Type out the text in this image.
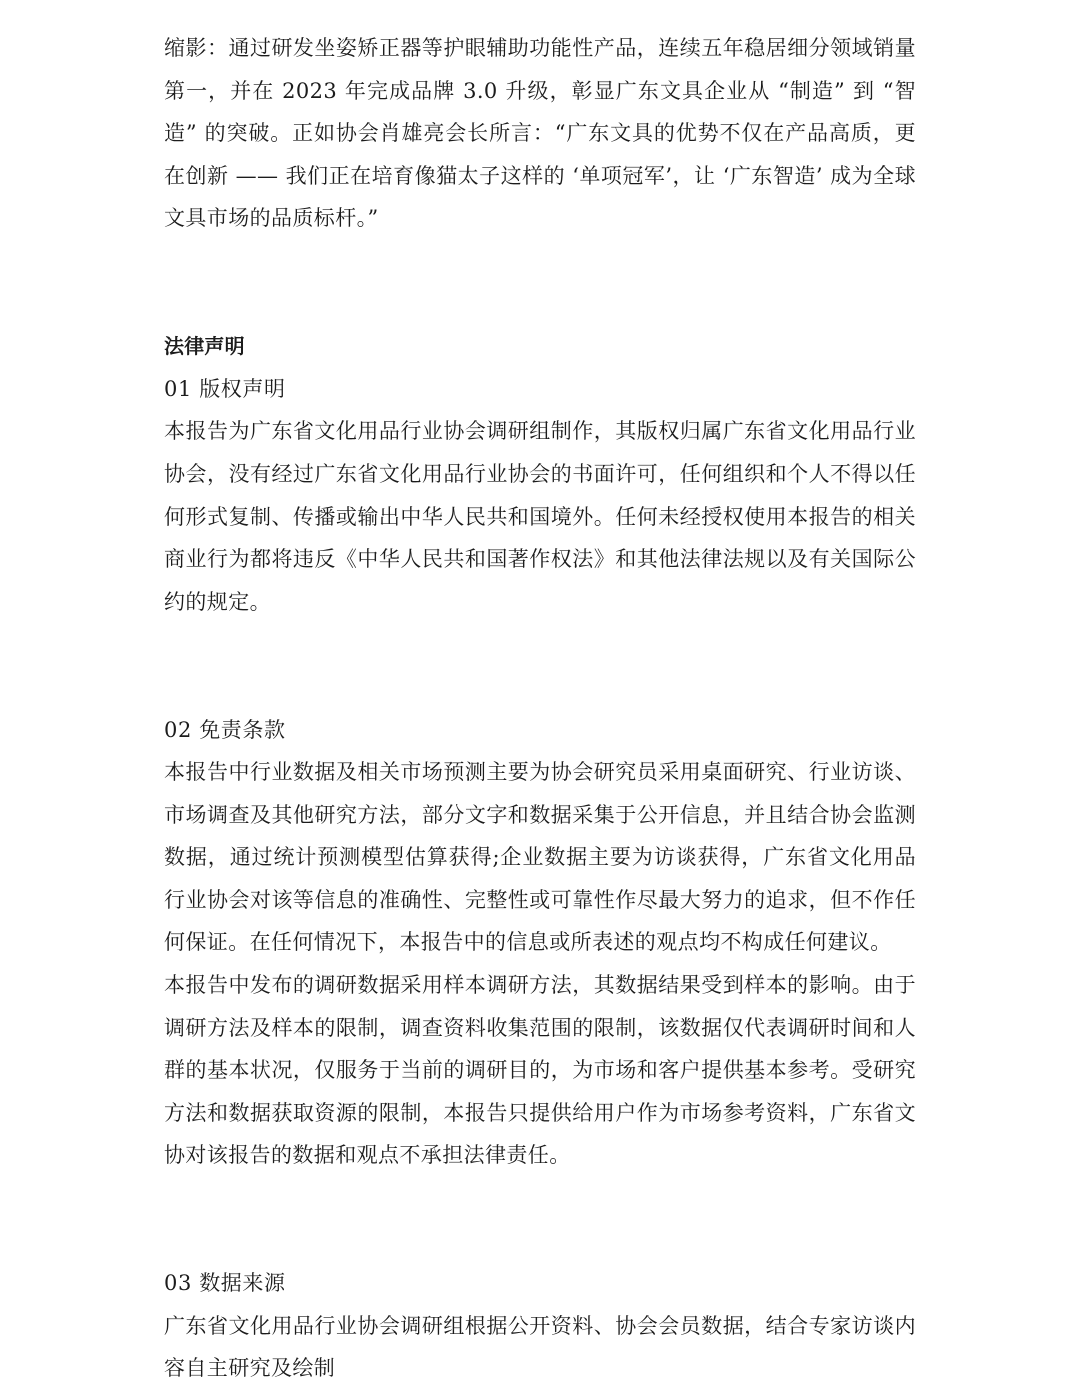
缩影：通过研发坐姿矫正器等护眼辅助功能性产品，连续五年稳居细分领域销量第一，并在 2023 年完成品牌 3.0 升级，彰显广东文具企业从 “制造” 到 “智造” 的突破。正如协会肖雄亮会长所言：“广东文具的优势不仅在产品高质，更在创新 —— 我们正在培育像猫太子这样的 ‘单项冠军’，让 ‘广东智造’ 成为全球文具市场的品质标杆。”

法律声明

01 版权声明

本报告为广东省文化用品行业协会调研组制作，其版权归属广东省文化用品行业协会，没有经过广东省文化用品行业协会的书面许可，任何组织和个人不得以任何形式复制、传播或输出中华人民共和国境外。任何未经授权使用本报告的相关商业行为都将违反《中华人民共和国著作权法》和其他法律法规以及有关国际公约的规定。

02 免责条款

本报告中行业数据及相关市场预测主要为协会研究员采用桌面研究、行业访谈、市场调查及其他研究方法，部分文字和数据采集于公开信息，并且结合协会监测数据，通过统计预测模型估算获得;企业数据主要为访谈获得，广东省文化用品行业协会对该等信息的准确性、完整性或可靠性作尽最大努力的追求，但不作任何保证。在任何情况下，本报告中的信息或所表述的观点均不构成任何建议。

本报告中发布的调研数据采用样本调研方法，其数据结果受到样本的影响。由于调研方法及样本的限制，调查资料收集范围的限制，该数据仅代表调研时间和人群的基本状况，仅服务于当前的调研目的，为市场和客户提供基本参考。受研究方法和数据获取资源的限制，本报告只提供给用户作为市场参考资料，广东省文协对该报告的数据和观点不承担法律责任。

03 数据来源

广东省文化用品行业协会调研组根据公开资料、协会会员数据，结合专家访谈内容自主研究及绘制
